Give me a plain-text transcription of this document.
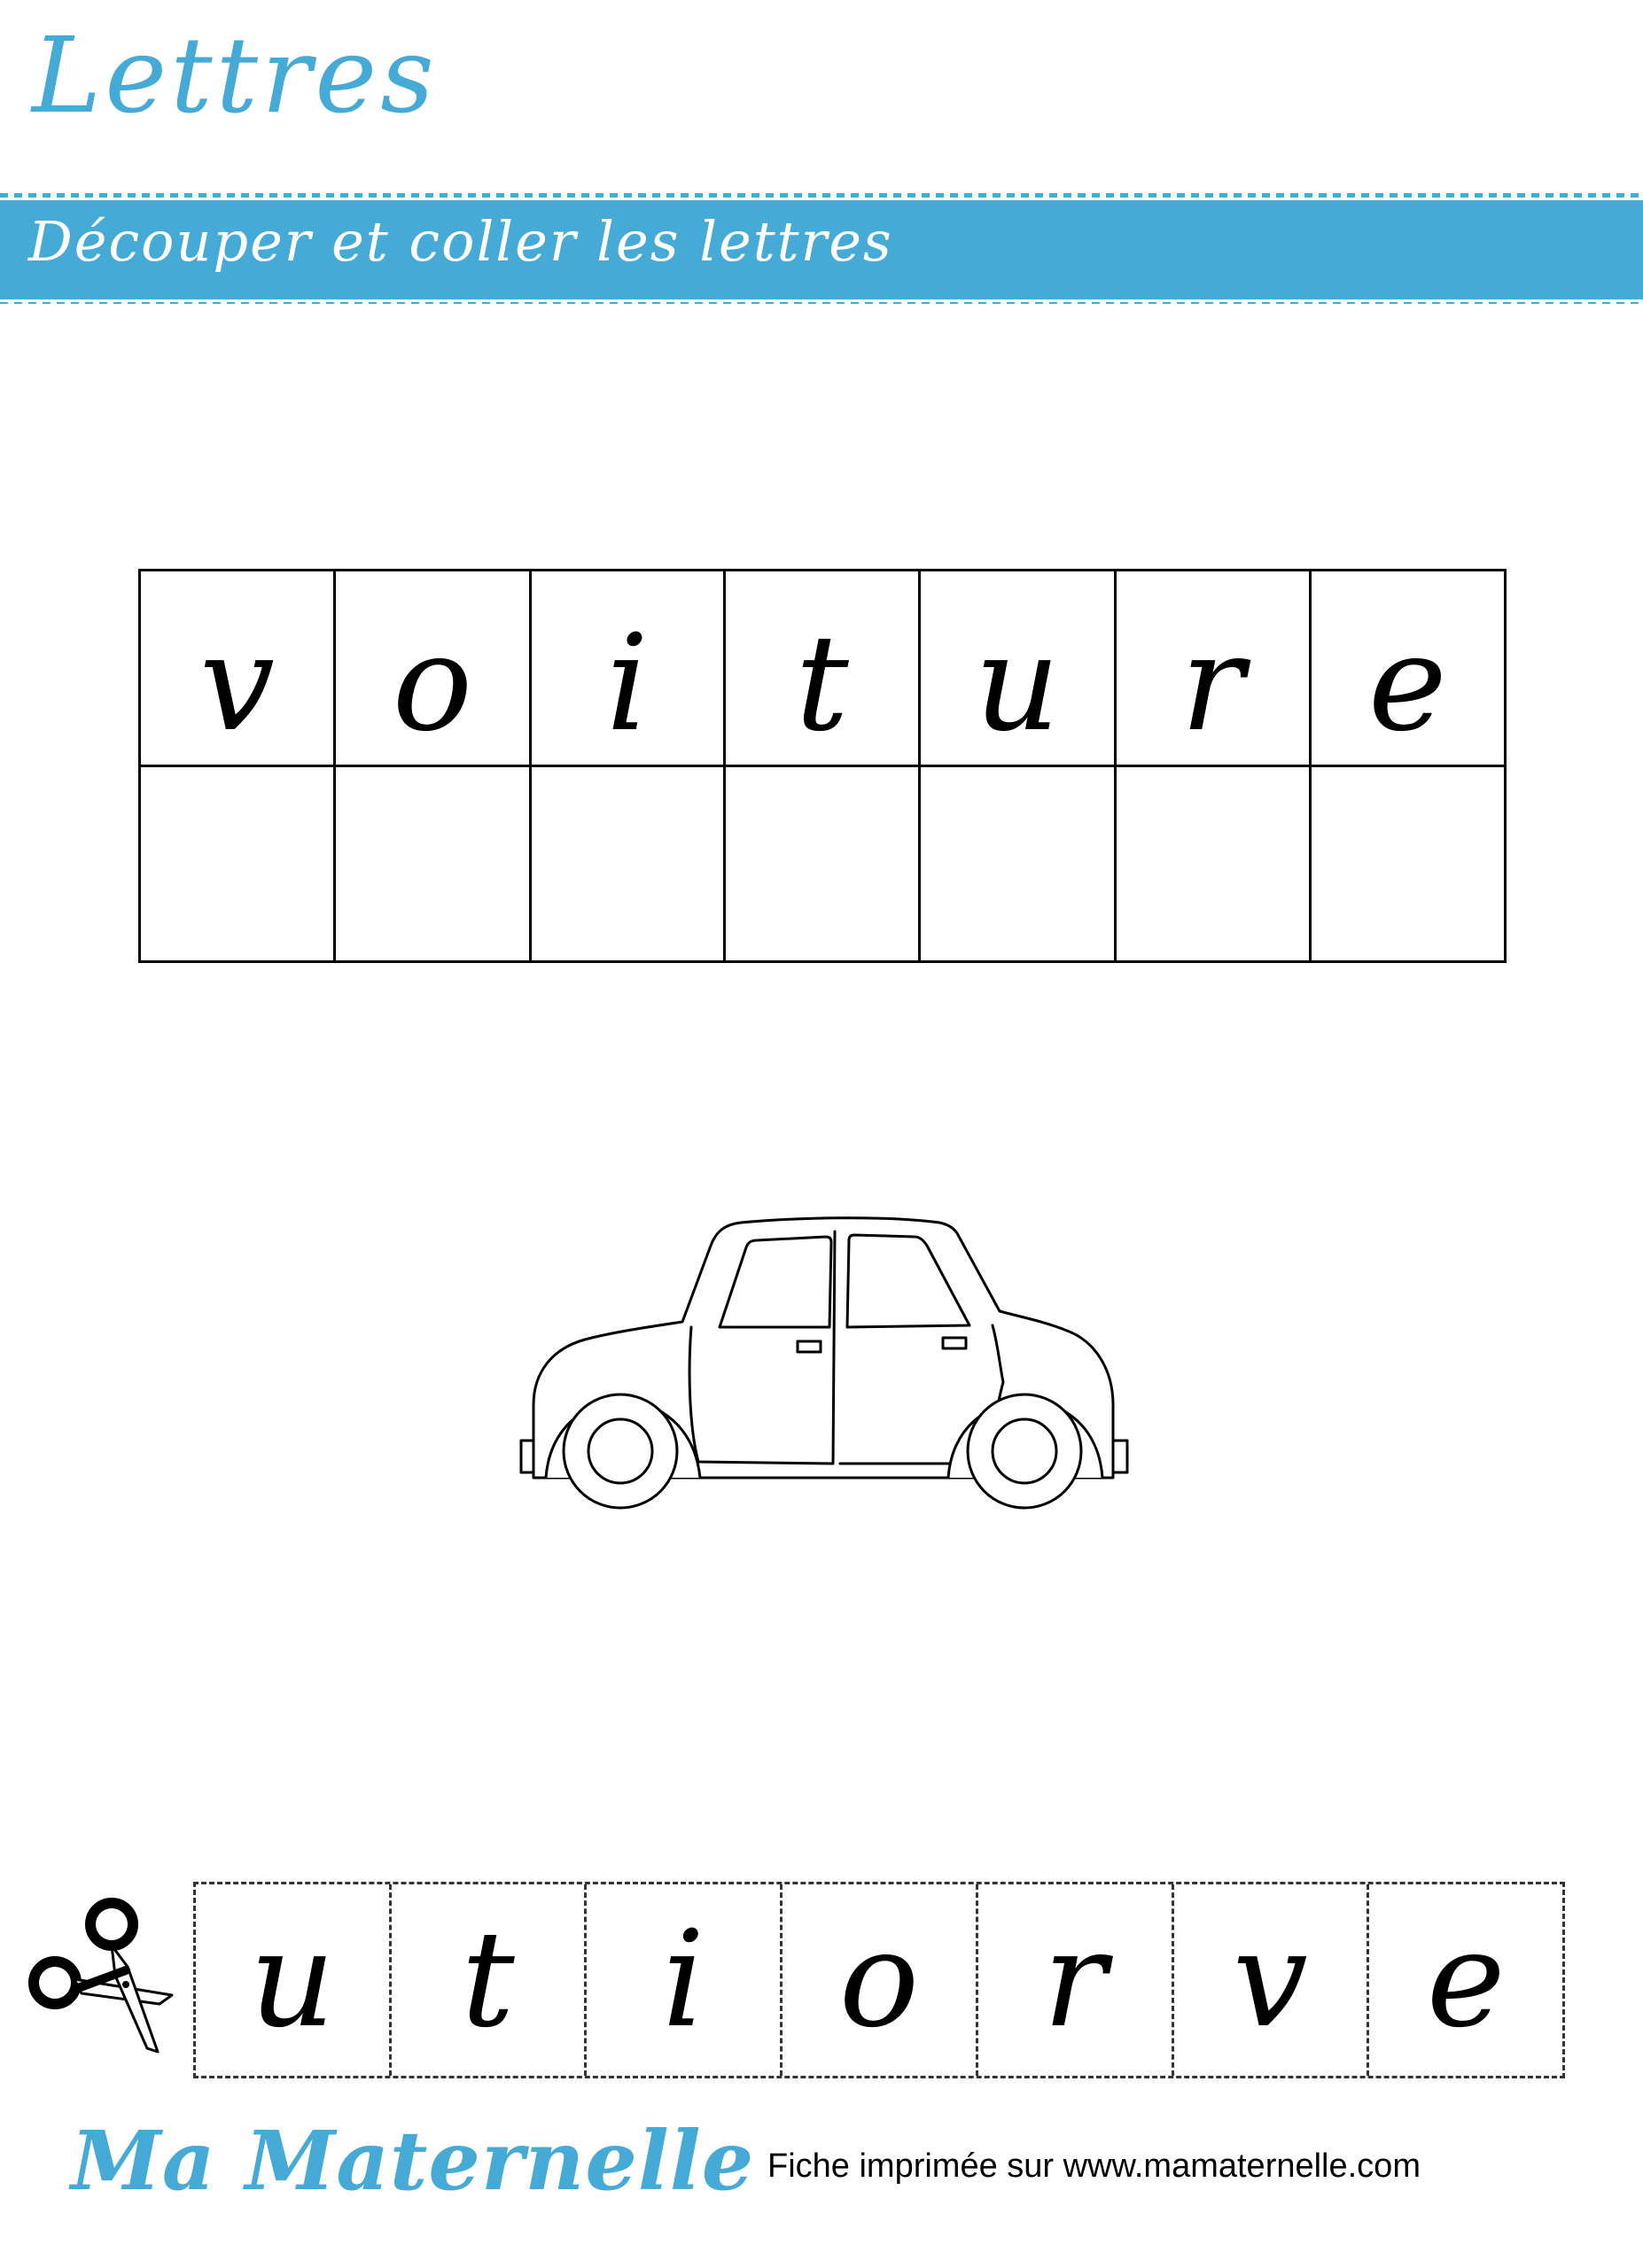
Lettres
Découper et coller les lettres
v	o	i	t	u	r	e

u t i o r v e
Ma Maternelle Fiche imprimée sur www.mamaternelle.com
